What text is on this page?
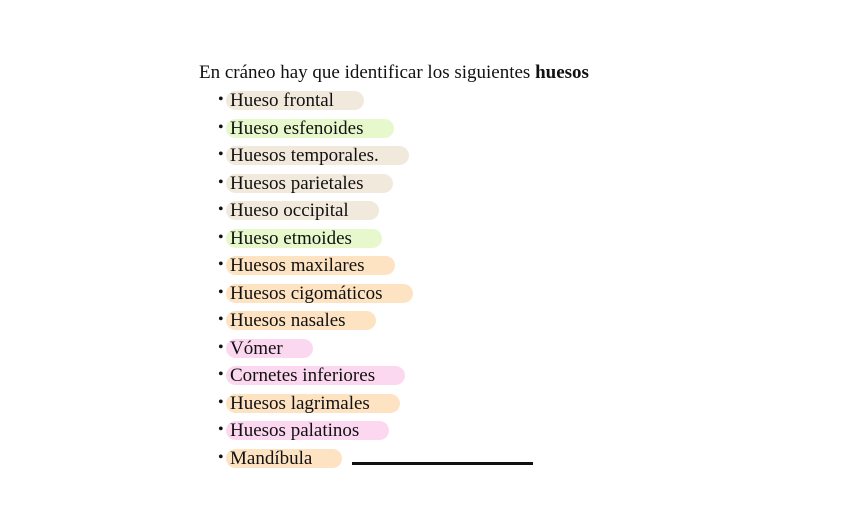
En cráneo hay que identificar los siguientes huesos
• Hueso frontal
• Hueso esfenoides
• Huesos temporales.
• Huesos parietales
• Hueso occipital
• Hueso etmoides
• Huesos maxilares
• Huesos cigomáticos
• Huesos nasales
• Vómer
• Cornetes inferiores
• Huesos lagrimales
• Huesos palatinos
• Mandíbula
